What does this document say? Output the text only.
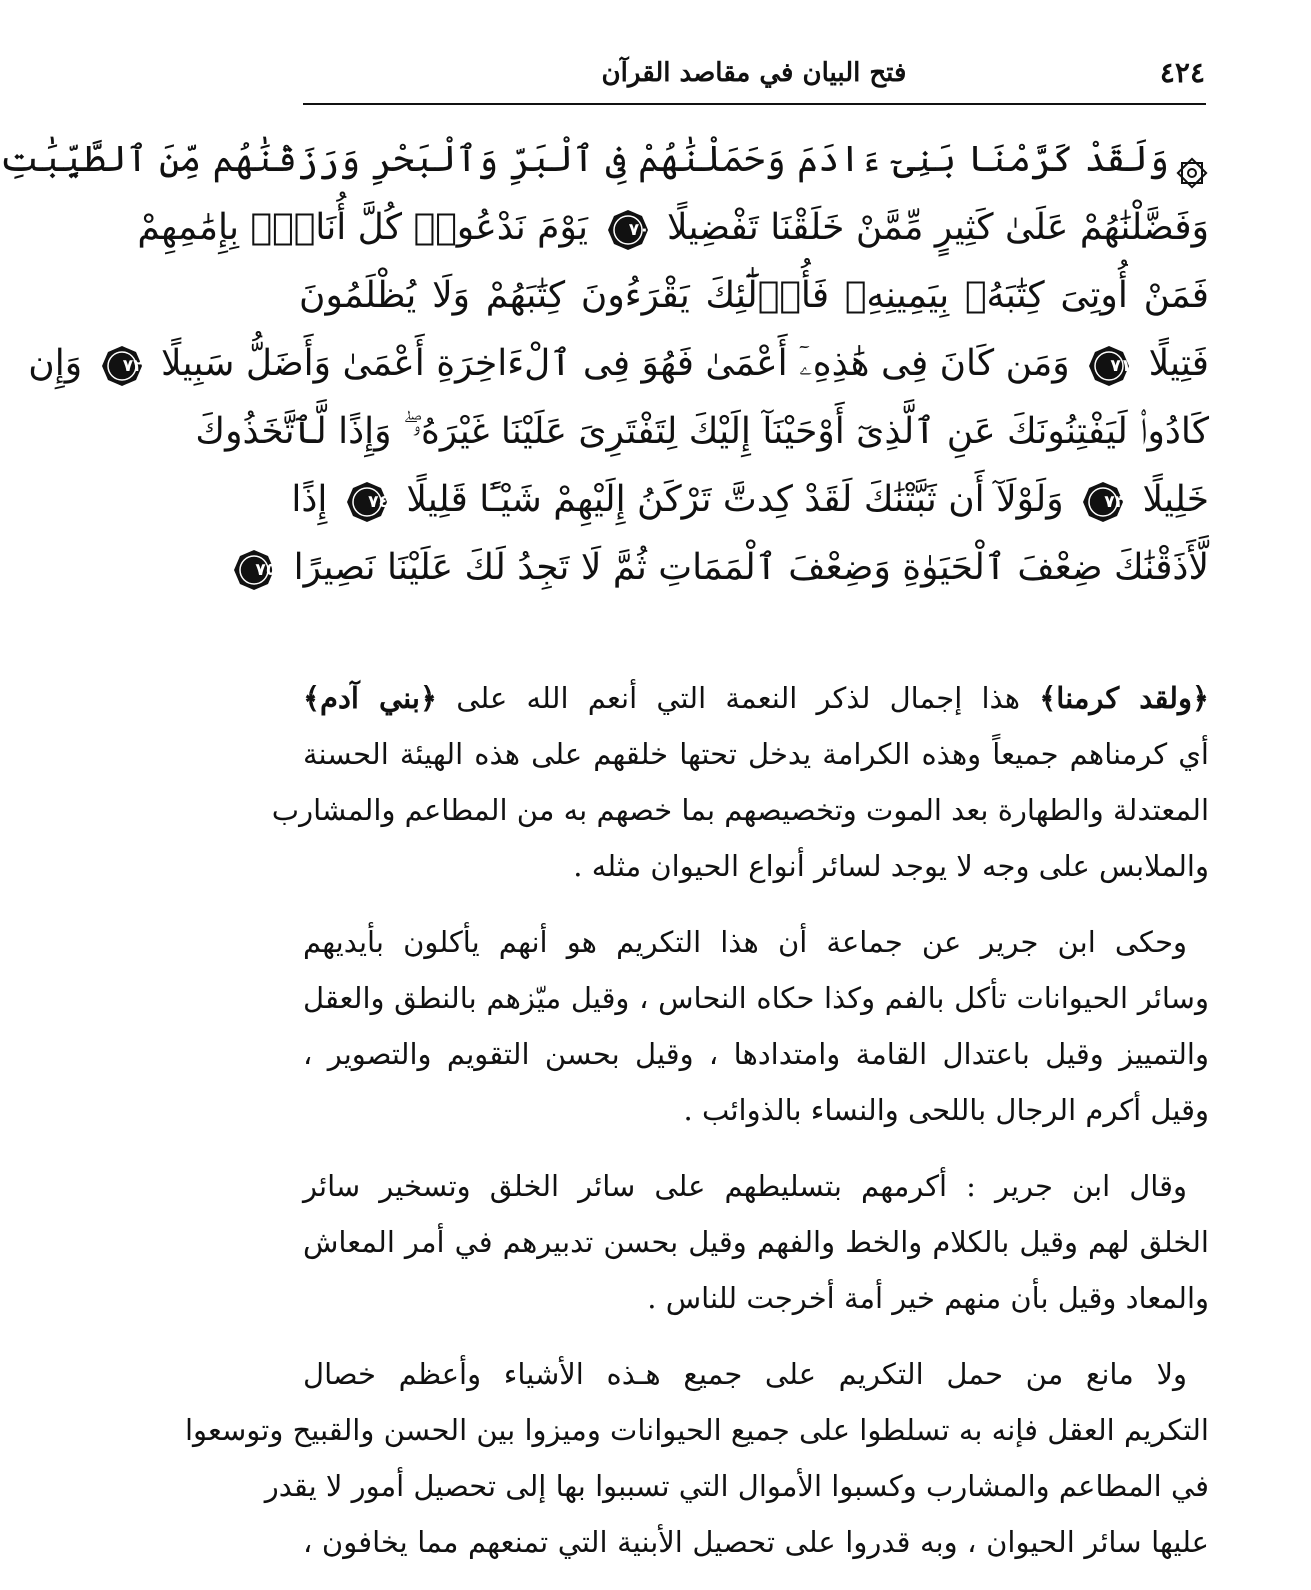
٤٢٤
فتح البيان في مقاصد القرآن
وَلَقَدْ كَرَّمْنَا بَنِىٓ ءَادَمَ وَحَمَلْنَٰهُمْ فِى ٱلْبَرِّ وَٱلْبَحْرِ وَرَزَقْنَٰهُم مِّنَ ٱلطَّيِّبَٰتِ
وَفَضَّلْنَٰهُمْ عَلَىٰ كَثِيرٍ مِّمَّنْ خَلَقْنَا تَفْضِيلًا
٧٠
يَوْمَ نَدْعُوا۟ كُلَّ أُنَاسٍۭ بِإِمَٰمِهِمْ
فَمَنْ أُوتِىَ كِتَٰبَهُۥ بِيَمِينِهِۦ فَأُو۟لَٰٓئِكَ يَقْرَءُونَ كِتَٰبَهُمْ وَلَا يُظْلَمُونَ
فَتِيلًا
٧١
وَمَن كَانَ فِى هَٰذِهِۦٓ أَعْمَىٰ فَهُوَ فِى ٱلْءَاخِرَةِ أَعْمَىٰ وَأَضَلُّ سَبِيلًا
٧٢
وَإِن
كَادُوا۟ لَيَفْتِنُونَكَ عَنِ ٱلَّذِىٓ أَوْحَيْنَآ إِلَيْكَ لِتَفْتَرِىَ عَلَيْنَا غَيْرَهُۥ ۖ وَإِذًا لَّٱتَّخَذُوكَ
خَلِيلًا
٧٣
وَلَوْلَآ أَن ثَبَّتْنَٰكَ لَقَدْ كِدتَّ تَرْكَنُ إِلَيْهِمْ شَيْـًٔا قَلِيلًا
٧٤
إِذًا
لَّأَذَقْنَٰكَ ضِعْفَ ٱلْحَيَوٰةِ وَضِعْفَ ٱلْمَمَاتِ ثُمَّ لَا تَجِدُ لَكَ عَلَيْنَا نَصِيرًا
٧٥
﴿ولقد كرمنا﴾ هذا إجمال لذكر النعمة التي أنعم الله على ﴿بني آدم﴾
أي كرمناهم جميعاً وهذه الكرامة يدخل تحتها خلقهم على هذه الهيئة الحسنة
المعتدلة والطهارة بعد الموت وتخصيصهم بما خصهم به من المطاعم والمشارب
والملابس على وجه لا يوجد لسائر أنواع الحيوان مثله .
وحكى ابن جرير عن جماعة أن هذا التكريم هو أنهم يأكلون بأيديهم
وسائر الحيوانات تأكل بالفم وكذا حكاه النحاس ، وقيل ميّزهم بالنطق والعقل
والتمييز وقيل باعتدال القامة وامتدادها ، وقيل بحسن التقويم والتصوير ،
وقيل أكرم الرجال باللحى والنساء بالذوائب .
وقال ابن جرير : أكرمهم بتسليطهم على سائر الخلق وتسخير سائر
الخلق لهم وقيل بالكلام والخط والفهم وقيل بحسن تدبيرهم في أمر المعاش
والمعاد وقيل بأن منهم خير أمة أخرجت للناس .
ولا مانع من حمل التكريم على جميع هـذه الأشياء وأعظم خصال
التكريم العقل فإنه به تسلطوا على جميع الحيوانات وميزوا بين الحسن والقبيح وتوسعوا
في المطاعم والمشارب وكسبوا الأموال التي تسببوا بها إلى تحصيل أمور لا يقدر
عليها سائر الحيوان ، وبه قدروا على تحصيل الأبنية التي تمنعهم مما يخافون ،
